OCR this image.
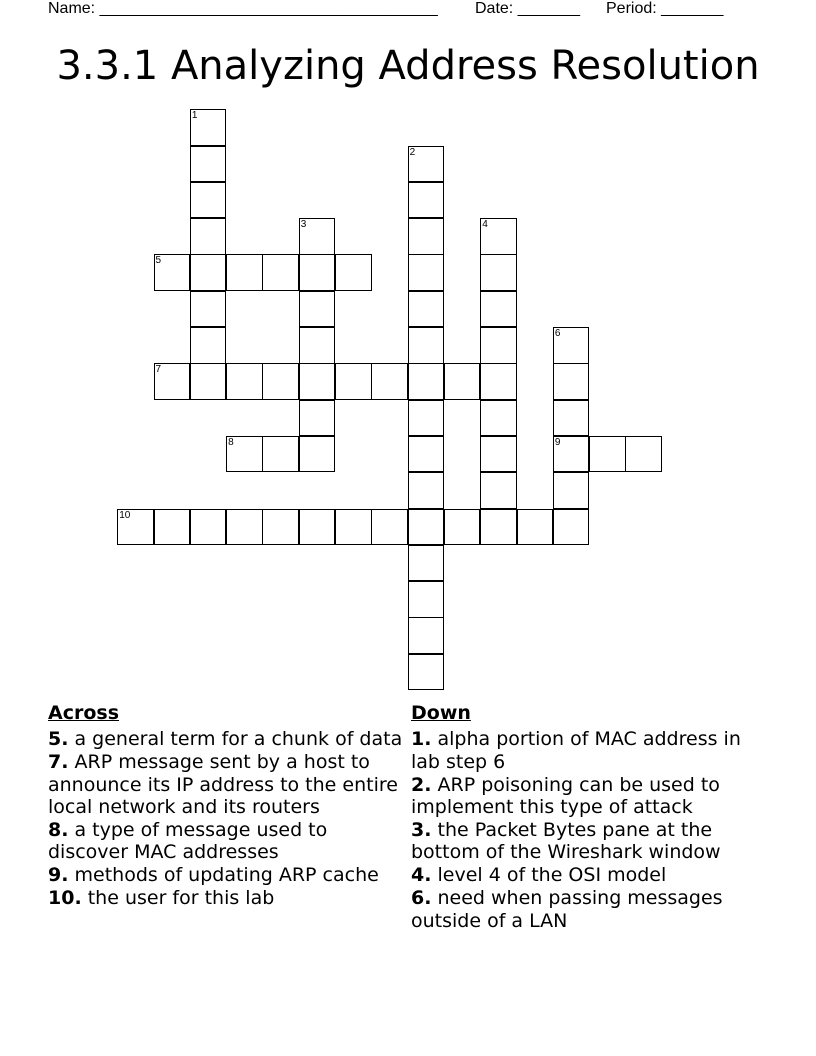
Name: ______________________________________ Date: _______ Period: _______
3.3.1 Analyzing Address Resolution
1
2
3	4
5
6
9
7
8
10
Across
5. a general term for a chunk of data
7. ARP message sent by a host to announce its IP address to the entire local network and its routers
8. a type of message used to discover MAC addresses
9. methods of updating ARP cache
10. the user for this lab
Down
1. alpha portion of MAC address in lab step 6
2. ARP poisoning can be used to implement this type of attack
3. the Packet Bytes pane at the bottom of the Wireshark window
4. level 4 of the OSI model
6. need when passing messages outside of a LAN
